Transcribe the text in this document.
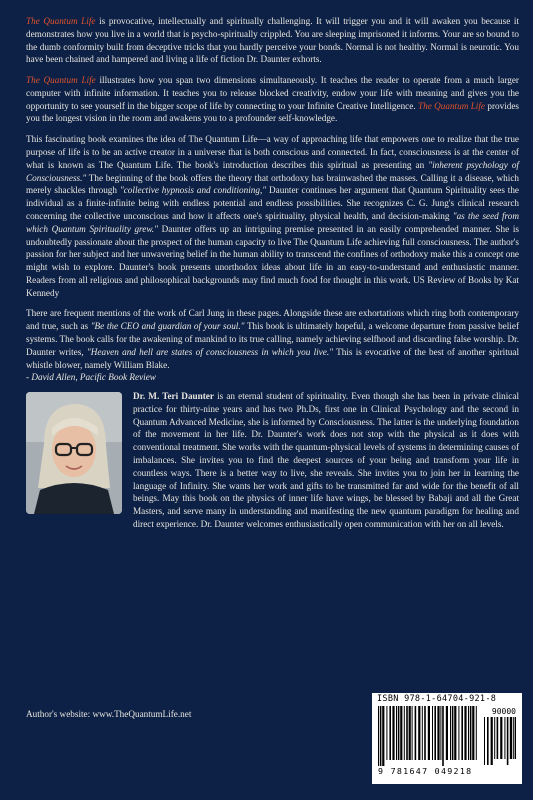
The Quantum Life is provocative, intellectually and spiritually challenging. It will trigger you and it will awaken you because it demonstrates how you live in a world that is psycho-spiritually crippled. You are sleeping imprisoned it informs. Your are so bound to the dumb conformity built from deceptive tricks that you hardly perceive your bonds. Normal is not healthy. Normal is neurotic. You have been chained and hampered and living a life of fiction Dr. Daunter exhorts.

The Quantum Life illustrates how you span two dimensions simultaneously. It teaches the reader to operate from a much larger computer with infinite information. It teaches you to release blocked creativity, endow your life with meaning and gives you the opportunity to see yourself in the bigger scope of life by connecting to your Infinite Creative Intelligence. The Quantum Life provides you the longest vision in the room and awakens you to a profounder self-knowledge.

This fascinating book examines the idea of The Quantum Life—a way of approaching life that empowers one to realize that the true purpose of life is to be an active creator in a universe that is both conscious and connected. In fact, consciousness is at the center of what is known as The Quantum Life. The book's introduction describes this spiritual as presenting an "inherent psychology of Consciousness." The beginning of the book offers the theory that orthodoxy has brainwashed the masses. Calling it a disease, which merely shackles through "collective hypnosis and conditioning," Daunter continues her argument that Quantum Spirituality sees the individual as a finite-infinite being with endless potential and endless possibilities. She recognizes C. G. Jung's clinical research concerning the collective unconscious and how it affects one's spirituality, physical health, and decision-making "as the seed from which Quantum Spirituality grew." Daunter offers up an intriguing premise presented in an easily comprehended manner. She is undoubtedly passionate about the prospect of the human capacity to live The Quantum Life achieving full consciousness. The author's passion for her subject and her unwavering belief in the human ability to transcend the confines of orthodoxy make this a concept one might wish to explore. Daunter's book presents unorthodox ideas about life in an easy-to-understand and enthusiastic manner. Readers from all religious and philosophical backgrounds may find much food for thought in this work. US Review of Books by Kat Kennedy

There are frequent mentions of the work of Carl Jung in these pages. Alongside these are exhortations which ring both contemporary and true, such as "Be the CEO and guardian of your soul." This book is ultimately hopeful, a welcome departure from passive belief systems. The book calls for the awakening of mankind to its true calling, namely achieving selfhood and discarding false worship. Dr. Daunter writes, "Heaven and hell are states of consciousness in which you live." This is evocative of the best of another spiritual whistle blower, namely William Blake.
- David Allen, Pacific Book Review

Dr. M. Teri Daunter is an eternal student of spirituality. Even though she has been in private clinical practice for thirty-nine years and has two Ph.Ds, first one in Clinical Psychology and the second in Quantum Advanced Medicine, she is informed by Consciousness. The latter is the underlying foundation of the movement in her life. Dr. Daunter's work does not stop with the physical as it does with conventional treatment. She works with the quantum-physical levels of systems in determining causes of imbalances. She invites you to find the deepest sources of your being and transform your life in countless ways. There is a better way to live, she reveals. She invites you to join her in learning the language of Infinity. She wants her work and gifts to be transmitted far and wide for the benefit of all beings. May this book on the physics of inner life have wings, be blessed by Babaji and all the Great Masters, and serve many in understanding and manifesting the new quantum paradigm for healing and direct experience. Dr. Daunter welcomes enthusiastically open communication with her on all levels.
Author's website: www.TheQuantumLife.net
ISBN 978-1-64704-921-8
90000
9 781647 049218
